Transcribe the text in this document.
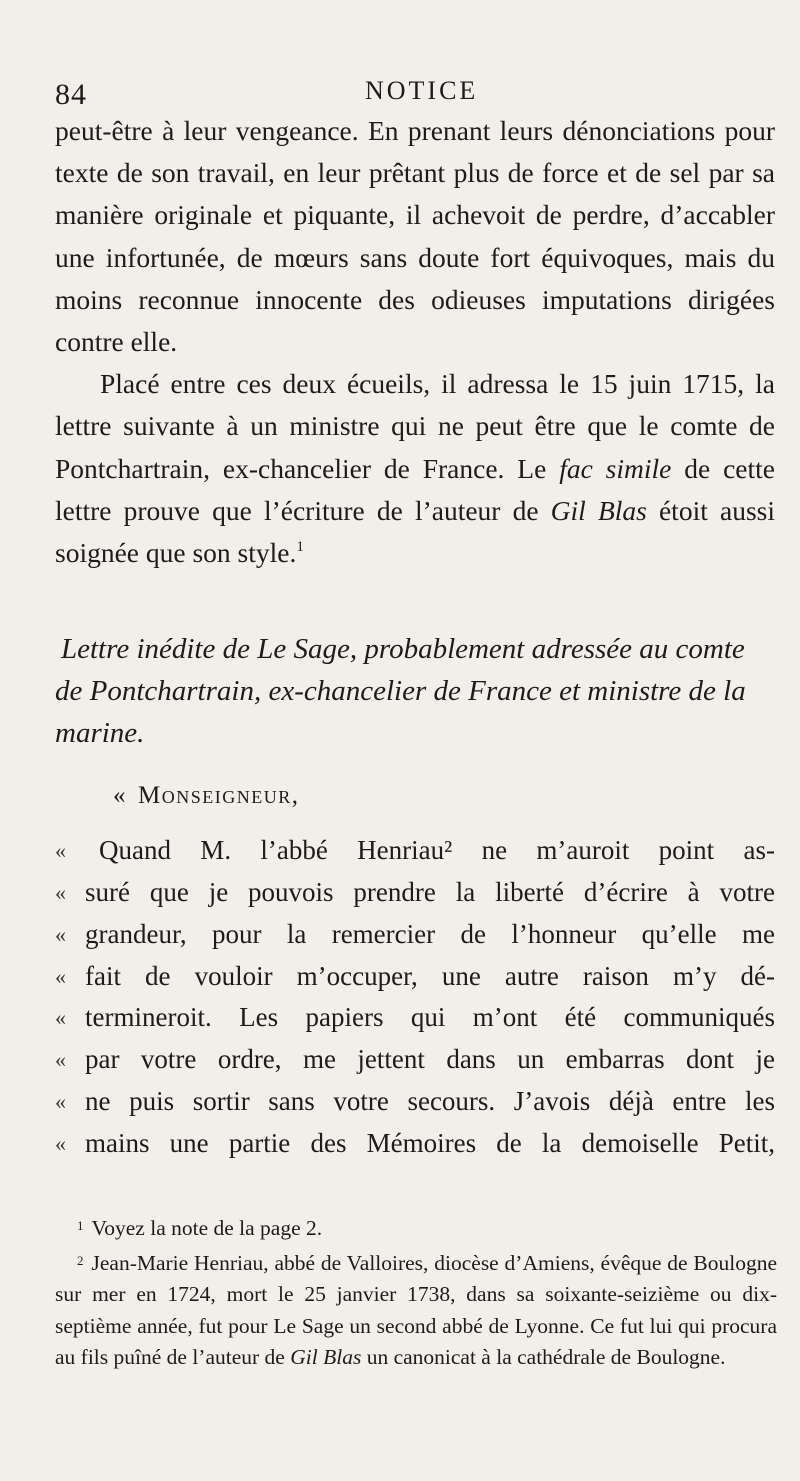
84	NOTICE

peut-être à leur vengeance. En prenant leurs dénonciations pour texte de son travail, en leur prêtant plus de force et de sel par sa manière originale et piquante, il achevoit de perdre, d’accabler une infortunée, de mœurs sans doute fort équivoques, mais du moins reconnue innocente des odieuses imputations dirigées contre elle.

Placé entre ces deux écueils, il adressa le 15 juin 1715, la lettre suivante à un ministre qui ne peut être que le comte de Pontchartrain, ex-chancelier de France. Le fac simile de cette lettre prouve que l’écriture de l’auteur de Gil Blas étoit aussi soignée que son style.$^1$

Lettre inédite de Le Sage, probablement adressée au comte de Pontchartrain, ex-chancelier de France et ministre de la marine.

« Monseigneur,

«	Quand M. l’abbé Henriau² ne m’auroit point as-
« suré que je pouvois prendre la liberté d’écrire à votre
« grandeur, pour la remercier de l’honneur qu’elle me
« fait de vouloir m’occuper, une autre raison m’y dé-
« termineroit. Les papiers qui m’ont été communiqués
« par votre ordre, me jettent dans un embarras dont je
« ne puis sortir sans votre secours. J’avois déjà entre les
« mains une partie des Mémoires de la demoiselle Petit,

$^1$ Voyez la note de la page 2.

$^2$ Jean-Marie Henriau, abbé de Valloires, diocèse d’Amiens, évêque de Boulogne sur mer en 1724, mort le 25 janvier 1738, dans sa soixante-seizième ou dix-septième année, fut pour Le Sage un second abbé de Lyonne. Ce fut lui qui procura au fils puîné de l’auteur de Gil Blas un canonicat à la cathédrale de Boulogne.
